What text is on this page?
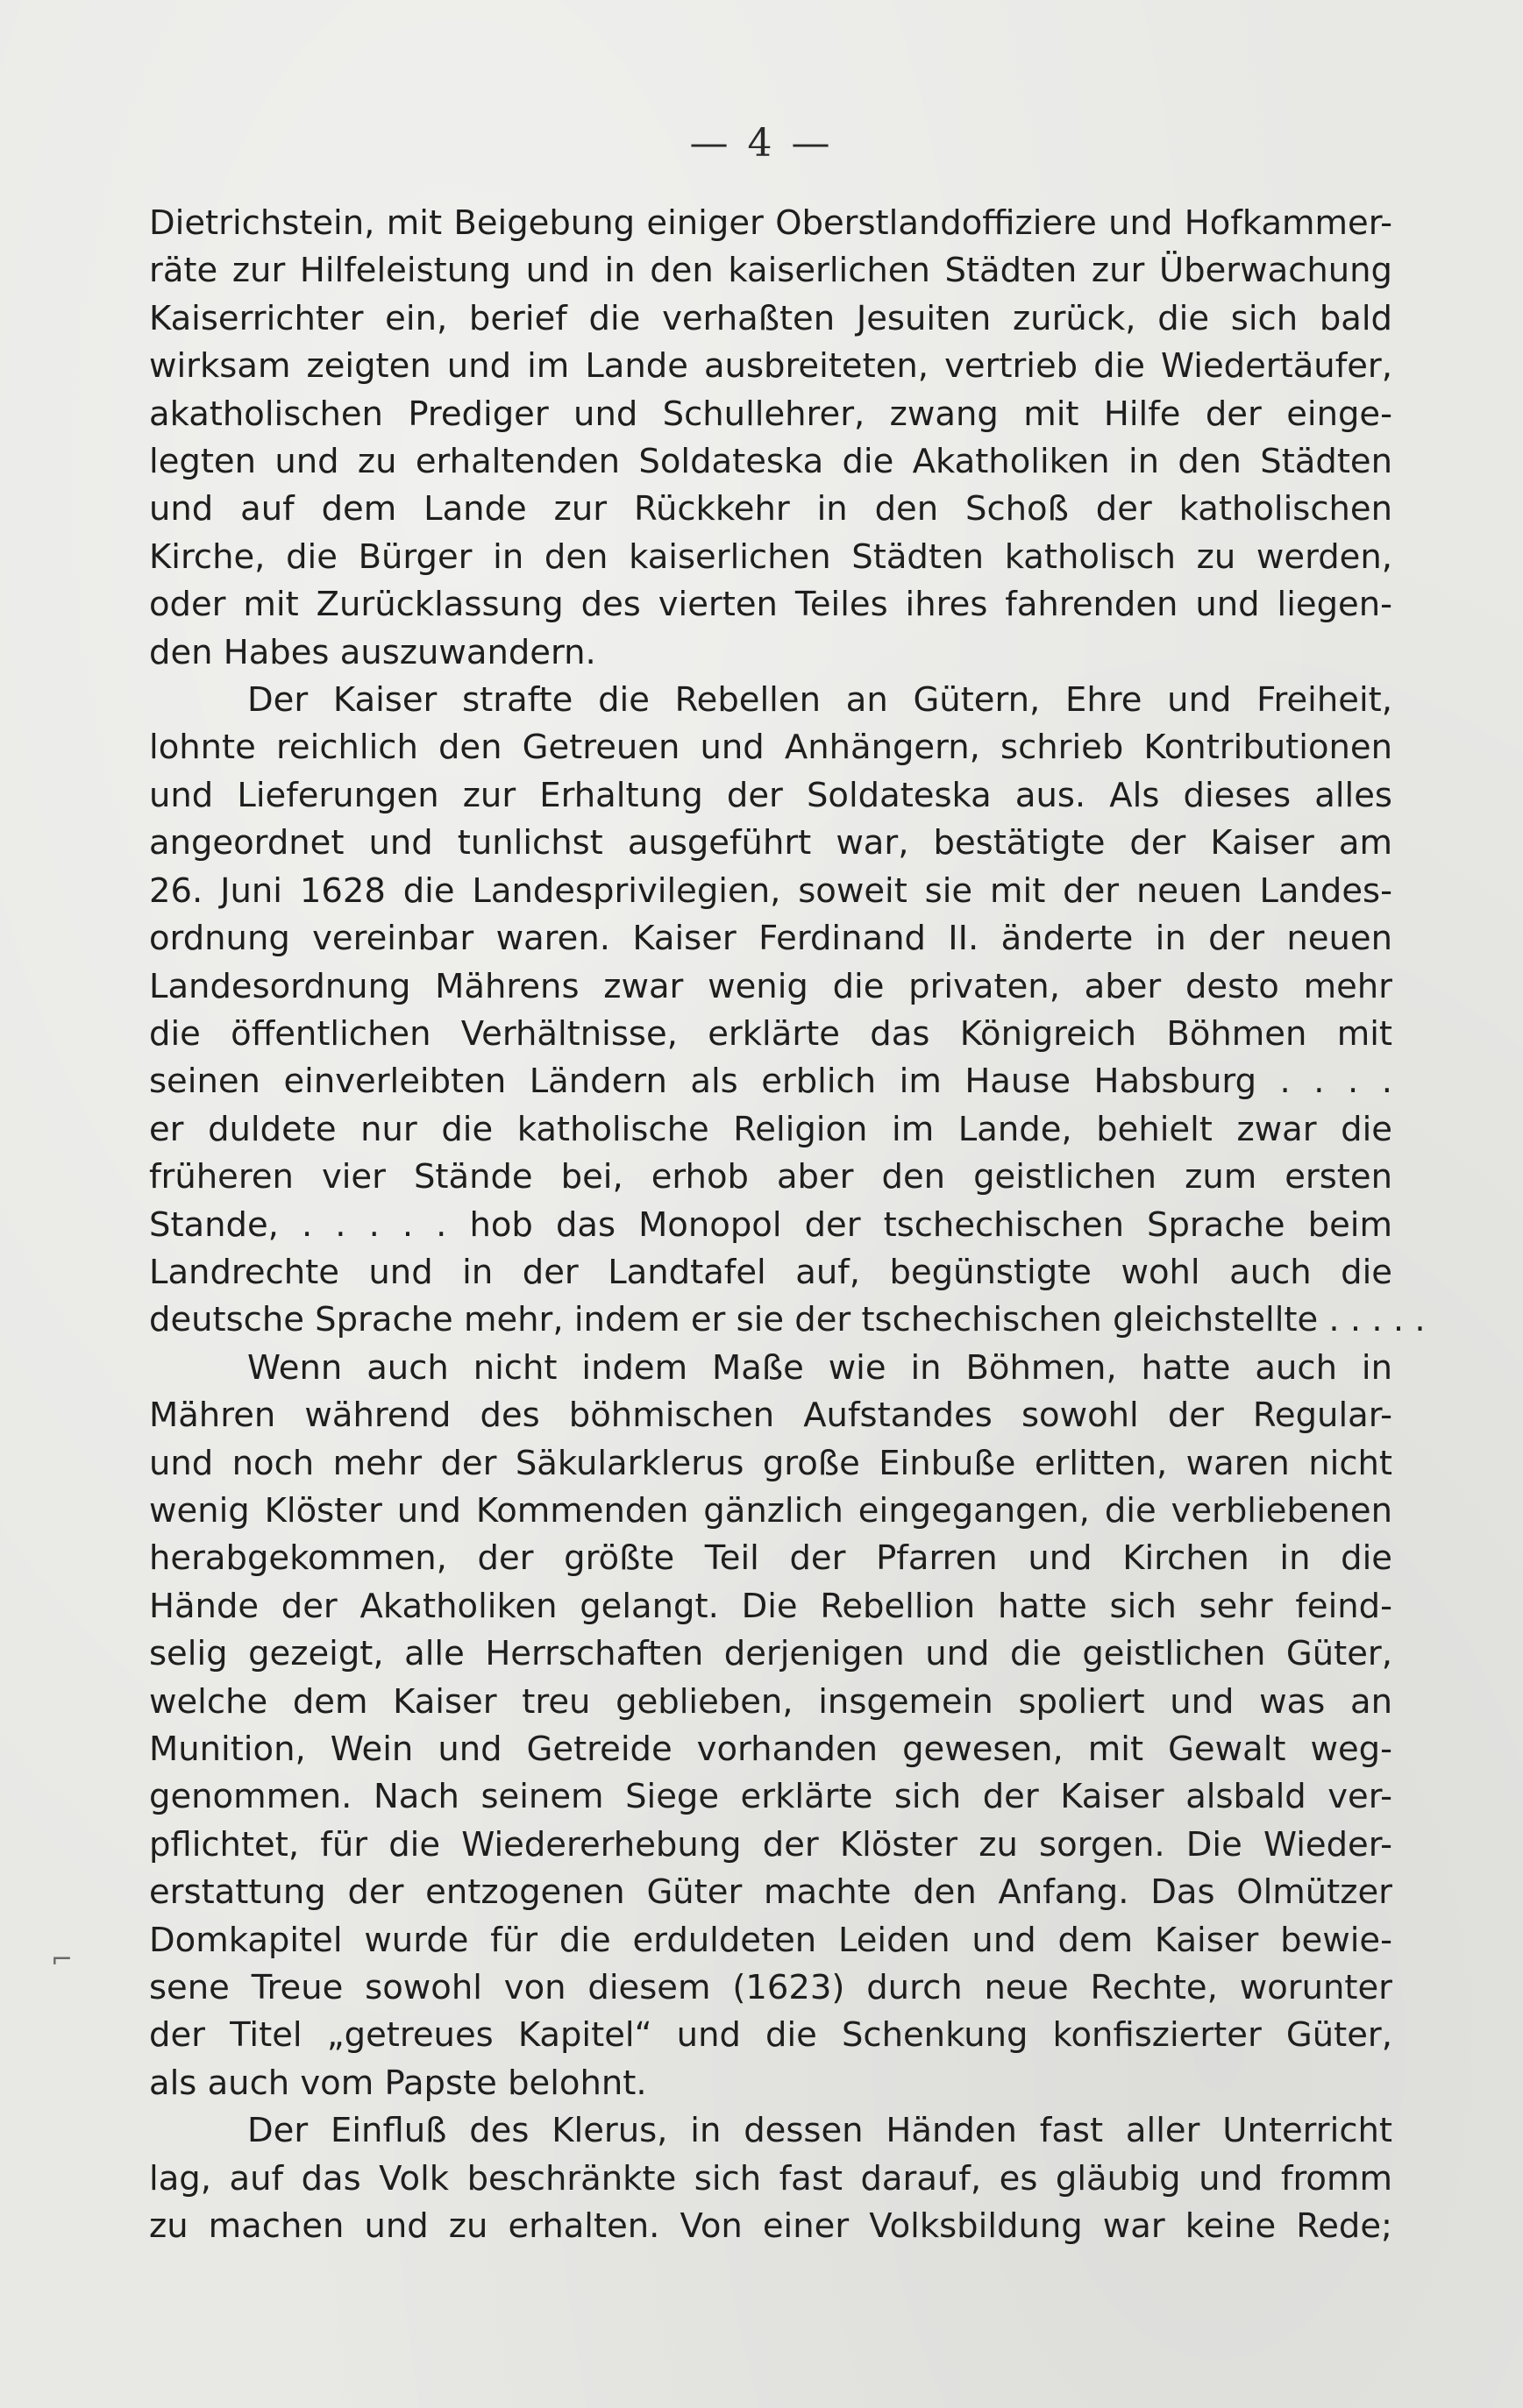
— 4 —

Dietrichstein, mit Beigebung einiger Oberstlandoffiziere und Hofkammer-
räte zur Hilfeleistung und in den kaiserlichen Städten zur Überwachung
Kaiserrichter ein, berief die verhaßten Jesuiten zurück, die sich bald
wirksam zeigten und im Lande ausbreiteten, vertrieb die Wiedertäufer,
akatholischen Prediger und Schullehrer, zwang mit Hilfe der einge-
legten und zu erhaltenden Soldateska die Akatholiken in den Städten
und auf dem Lande zur Rückkehr in den Schoß der katholischen
Kirche, die Bürger in den kaiserlichen Städten katholisch zu werden,
oder mit Zurücklassung des vierten Teiles ihres fahrenden und liegen-
den Habes auszuwandern.

Der Kaiser strafte die Rebellen an Gütern, Ehre und Freiheit,
lohnte reichlich den Getreuen und Anhängern, schrieb Kontributionen
und Lieferungen zur Erhaltung der Soldateska aus. Als dieses alles
angeordnet und tunlichst ausgeführt war, bestätigte der Kaiser am
26. Juni 1628 die Landesprivilegien, soweit sie mit der neuen Landes-
ordnung vereinbar waren. Kaiser Ferdinand II. änderte in der neuen
Landesordnung Mährens zwar wenig die privaten, aber desto mehr
die öffentlichen Verhältnisse, erklärte das Königreich Böhmen mit
seinen einverleibten Ländern als erblich im Hause Habsburg . . . .
er duldete nur die katholische Religion im Lande, behielt zwar die
früheren vier Stände bei, erhob aber den geistlichen zum ersten
Stande, . . . . . hob das Monopol der tschechischen Sprache beim
Landrechte und in der Landtafel auf, begünstigte wohl auch die
deutsche Sprache mehr, indem er sie der tschechischen gleichstellte . . . . .

Wenn auch nicht indem Maße wie in Böhmen, hatte auch in
Mähren während des böhmischen Aufstandes sowohl der Regular-
und noch mehr der Säkularklerus große Einbuße erlitten, waren nicht
wenig Klöster und Kommenden gänzlich eingegangen, die verbliebenen
herabgekommen, der größte Teil der Pfarren und Kirchen in die
Hände der Akatholiken gelangt. Die Rebellion hatte sich sehr feind-
selig gezeigt, alle Herrschaften derjenigen und die geistlichen Güter,
welche dem Kaiser treu geblieben, insgemein spoliert und was an
Munition, Wein und Getreide vorhanden gewesen, mit Gewalt weg-
genommen. Nach seinem Siege erklärte sich der Kaiser alsbald ver-
pflichtet, für die Wiedererhebung der Klöster zu sorgen. Die Wieder-
erstattung der entzogenen Güter machte den Anfang. Das Olmützer
Domkapitel wurde für die erduldeten Leiden und dem Kaiser bewie-
sene Treue sowohl von diesem (1623) durch neue Rechte, worunter
der Titel „getreues Kapitel“ und die Schenkung konfiszierter Güter,
als auch vom Papste belohnt.

Der Einfluß des Klerus, in dessen Händen fast aller Unterricht
lag, auf das Volk beschränkte sich fast darauf, es gläubig und fromm
zu machen und zu erhalten. Von einer Volksbildung war keine Rede;

⌐
